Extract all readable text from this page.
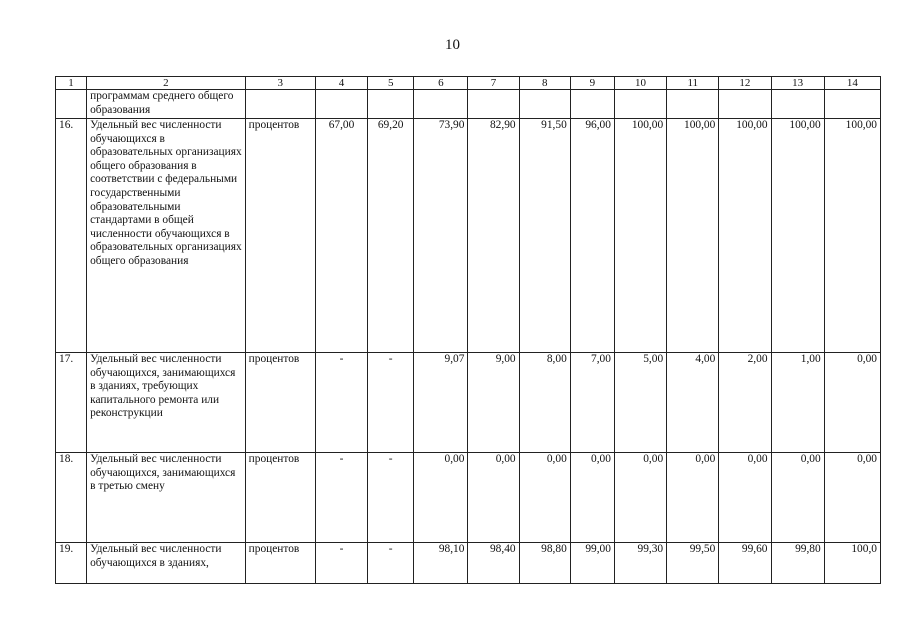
10
1	2	3	4	5	6	7	8	9	10	11	12	13	14
	программам среднего общего образования												
16.	Удельный вес численности обучающихся в образовательных организациях общего образования в соответствии с федеральными государственными образовательными стандартами в общей численности обучающихся в образовательных организациях общего образования	процентов	67,00	69,20	73,90	82,90	91,50	96,00	100,00	100,00	100,00	100,00	100,00
17.	Удельный вес численности обучающихся, занимающихся в зданиях, требующих капитального ремонта или реконструкции	процентов	-	-	9,07	9,00	8,00	7,00	5,00	4,00	2,00	1,00	0,00
18.	Удельный вес численности обучающихся, занимающихся в третью смену	процентов	-	-	0,00	0,00	0,00	0,00	0,00	0,00	0,00	0,00	0,00
19.	Удельный вес численности обучающихся в зданиях,	процентов	-	-	98,10	98,40	98,80	99,00	99,30	99,50	99,60	99,80	100,0
